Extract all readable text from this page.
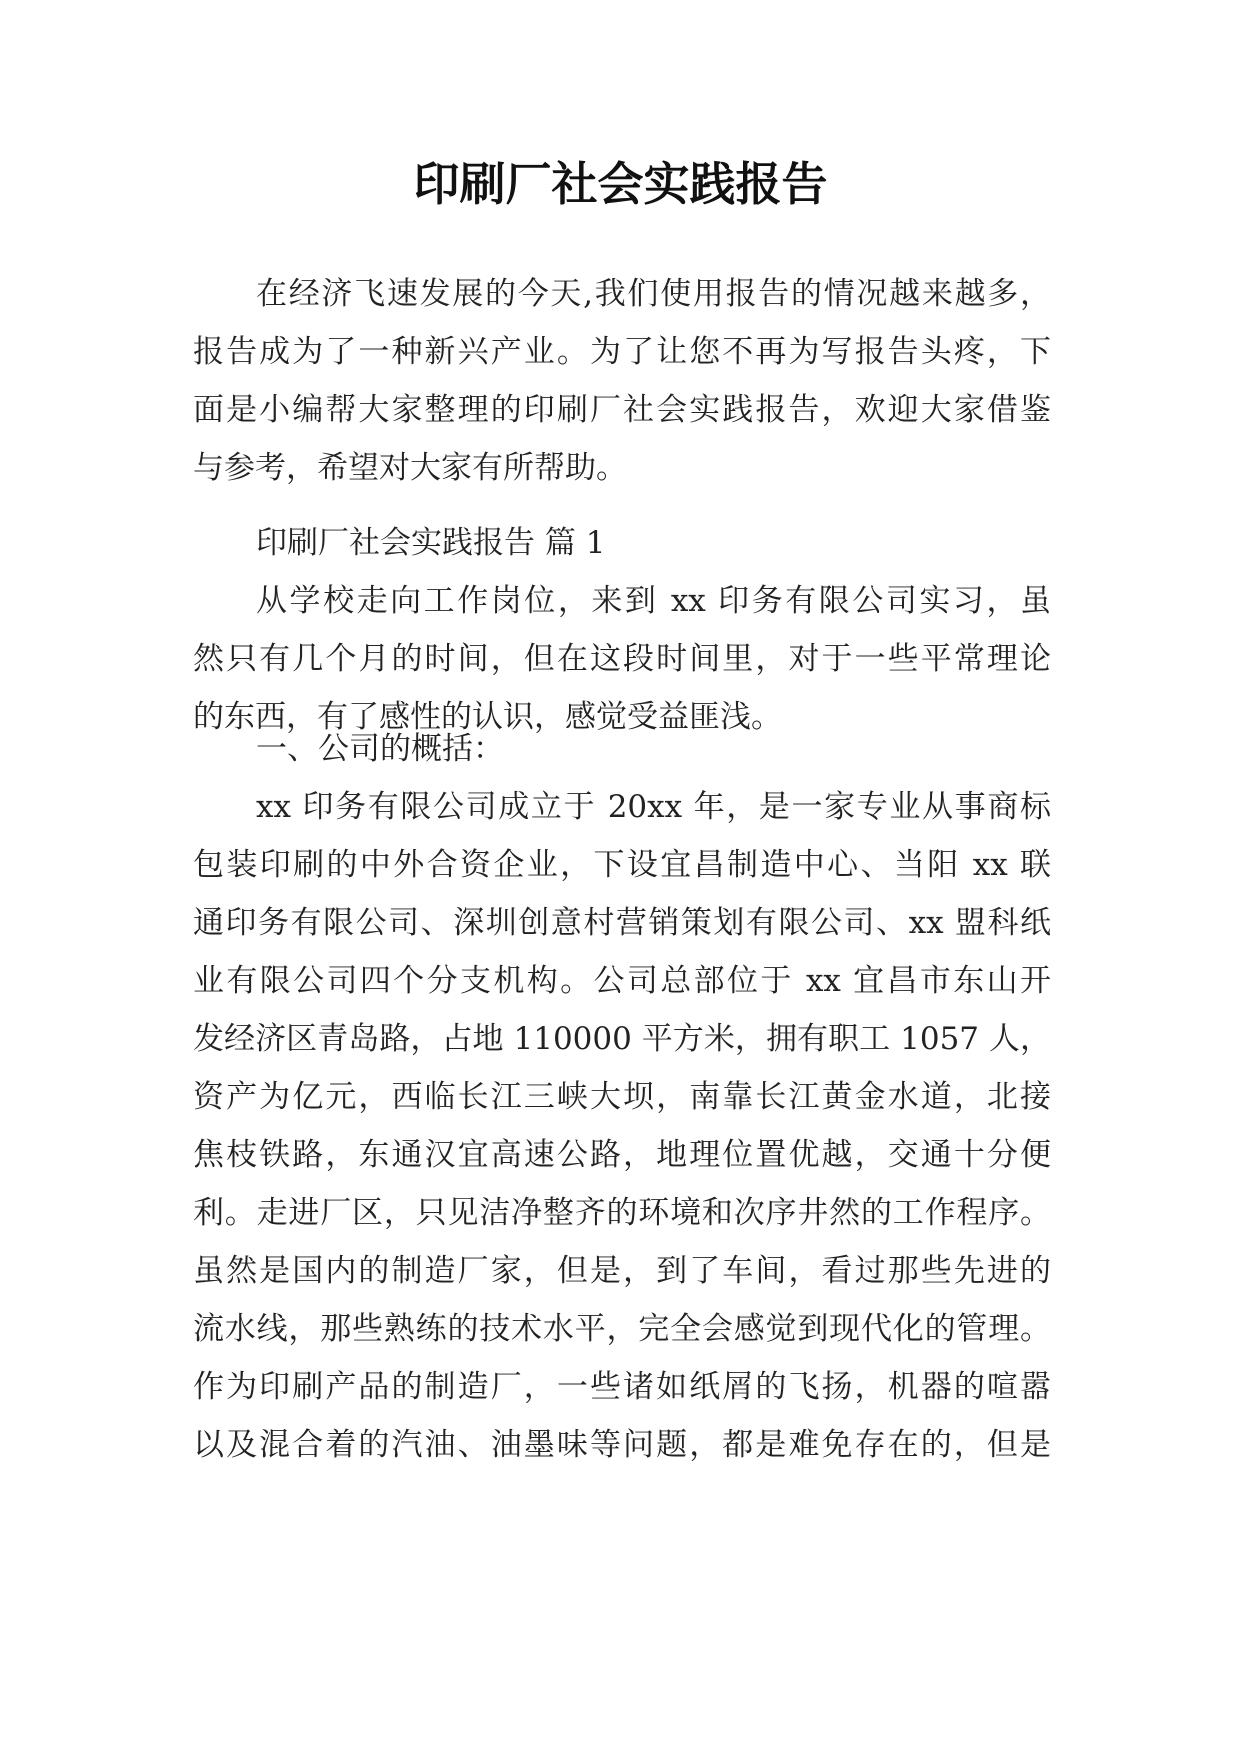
印刷厂社会实践报告
在经济飞速发展的今天,我们使用报告的情况越来越多，
报告成为了一种新兴产业。为了让您不再为写报告头疼，下
面是小编帮大家整理的印刷厂社会实践报告，欢迎大家借鉴
与参考，希望对大家有所帮助。
印刷厂社会实践报告 篇 1
从学校走向工作岗位，来到 xx 印务有限公司实习，虽
然只有几个月的时间，但在这段时间里，对于一些平常理论
的东西，有了感性的认识，感觉受益匪浅。
一、公司的概括：
xx 印务有限公司成立于 20xx 年，是一家专业从事商标
包装印刷的中外合资企业，下设宜昌制造中心、当阳 xx 联
通印务有限公司、深圳创意村营销策划有限公司、xx 盟科纸
业有限公司四个分支机构。公司总部位于 xx 宜昌市东山开
发经济区青岛路，占地 110000 平方米，拥有职工 1057 人，
资产为亿元，西临长江三峡大坝，南靠长江黄金水道，北接
焦枝铁路，东通汉宜高速公路，地理位置优越，交通十分便
利。走进厂区，只见洁净整齐的环境和次序井然的工作程序。
虽然是国内的制造厂家，但是，到了车间，看过那些先进的
流水线，那些熟练的技术水平，完全会感觉到现代化的管理。
作为印刷产品的制造厂，一些诸如纸屑的飞扬，机器的喧嚣
以及混合着的汽油、油墨味等问题，都是难免存在的，但是
